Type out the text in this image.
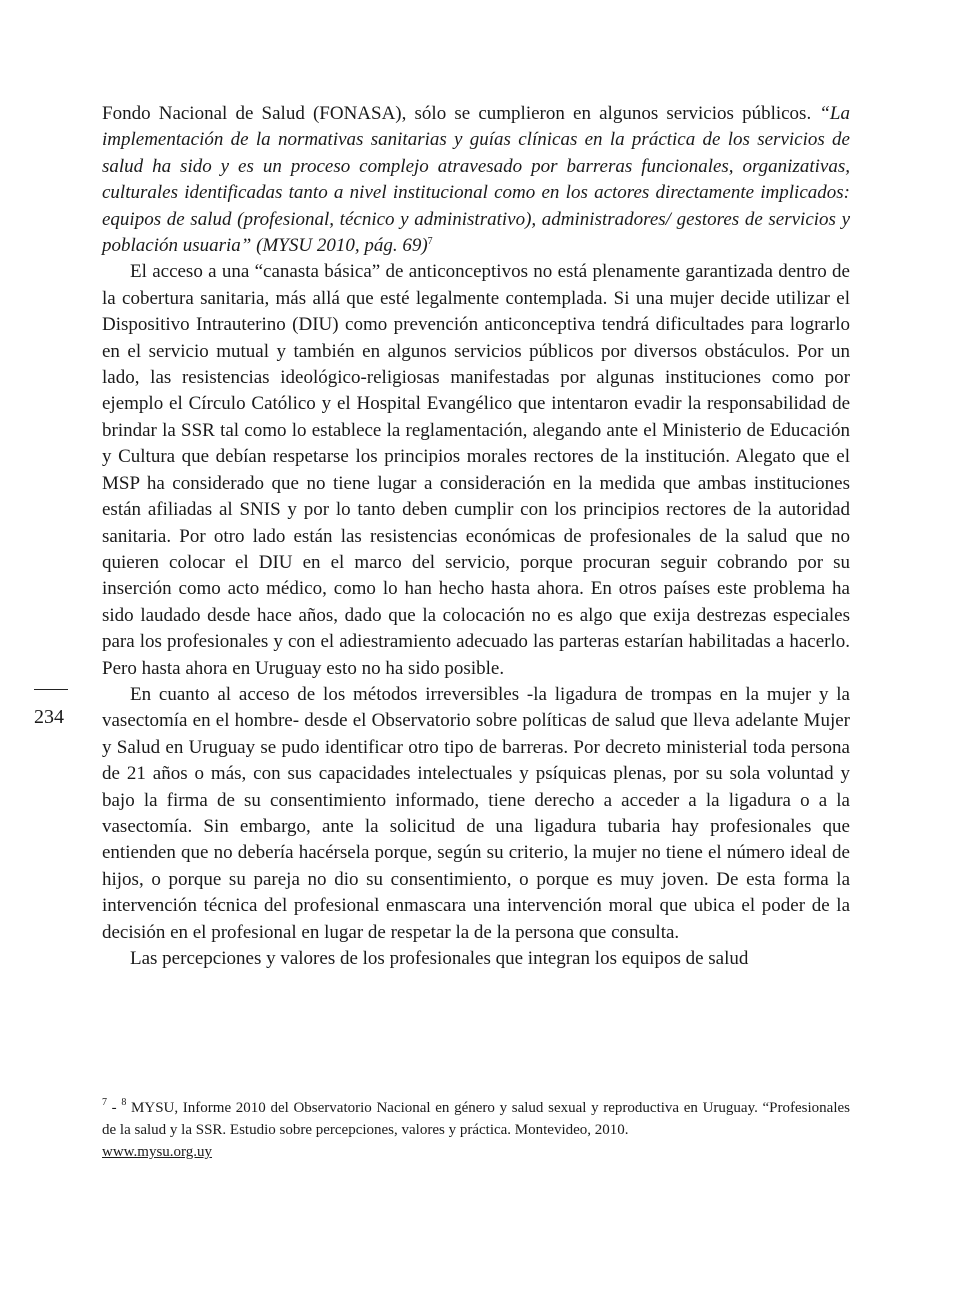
Fondo Nacional de Salud (FONASA), sólo se cumplieron en algunos servicios públicos. “La implementación de la normativas sanitarias y guías clínicas en la práctica de los servicios de salud ha sido y es un proceso complejo atravesado por barreras funcionales, organizativas, culturales identificadas tanto a nivel institucional como en los actores directamente implicados: equipos de salud (profesional, técnico y administrativo), administradores/ gestores de servicios y población usuaria” (MYSU 2010, pág. 69)$^7$

El acceso a una “canasta básica” de anticonceptivos no está plenamente garantizada dentro de la cobertura sanitaria, más allá que esté legalmente contemplada. Si una mujer decide utilizar el Dispositivo Intrauterino (DIU) como prevención anticonceptiva tendrá dificultades para lograrlo en el servicio mutual y también en algunos servicios públicos por diversos obstáculos. Por un lado, las resistencias ideológico-religiosas manifestadas por algunas instituciones como por ejemplo el Círculo Católico y el Hospital Evangélico que intentaron evadir la responsabilidad de brindar la SSR tal como lo establece la reglamentación, alegando ante el Ministerio de Educación y Cultura que debían respetarse los principios morales rectores de la institución. Alegato que el MSP ha considerado que no tiene lugar a consideración en la medida que ambas instituciones están afiliadas al SNIS y por lo tanto deben cumplir con los principios rectores de la autoridad sanitaria. Por otro lado están las resistencias económicas de profesionales de la salud que no quieren colocar el DIU en el marco del servicio, porque procuran seguir cobrando por su inserción como acto médico, como lo han hecho hasta ahora. En otros países este problema ha sido laudado desde hace años, dado que la colocación no es algo que exija destrezas especiales para los profesionales y con el adiestramiento adecuado las parteras estarían habilitadas a hacerlo. Pero hasta ahora en Uruguay esto no ha sido posible.

En cuanto al acceso de los métodos irreversibles -la ligadura de trompas en la mujer y la vasectomía en el hombre- desde el Observatorio sobre políticas de salud que lleva adelante Mujer y Salud en Uruguay se pudo identificar otro tipo de barreras. Por decreto ministerial toda persona de 21 años o más, con sus capacidades intelectuales y psíquicas plenas, por su sola voluntad y bajo la firma de su consentimiento informado, tiene derecho a acceder a la ligadura o a la vasectomía. Sin embargo, ante la solicitud de una ligadura tubaria hay profesionales que entienden que no debería hacérsela porque, según su criterio, la mujer no tiene el número ideal de hijos, o porque su pareja no dio su consentimiento, o porque es muy joven. De esta forma la intervención técnica del profesional enmascara una intervención moral que ubica el poder de la decisión en el profesional en lugar de respetar la de la persona que consulta.

Las percepciones y valores de los profesionales que integran los equipos de salud

234

$^7$ - $^8$ MYSU, Informe 2010 del Observatorio Nacional en género y salud sexual y reproductiva en Uruguay. “Profesionales de la salud y la SSR. Estudio sobre percepciones, valores y práctica. Montevideo, 2010.
www.mysu.org.uy
